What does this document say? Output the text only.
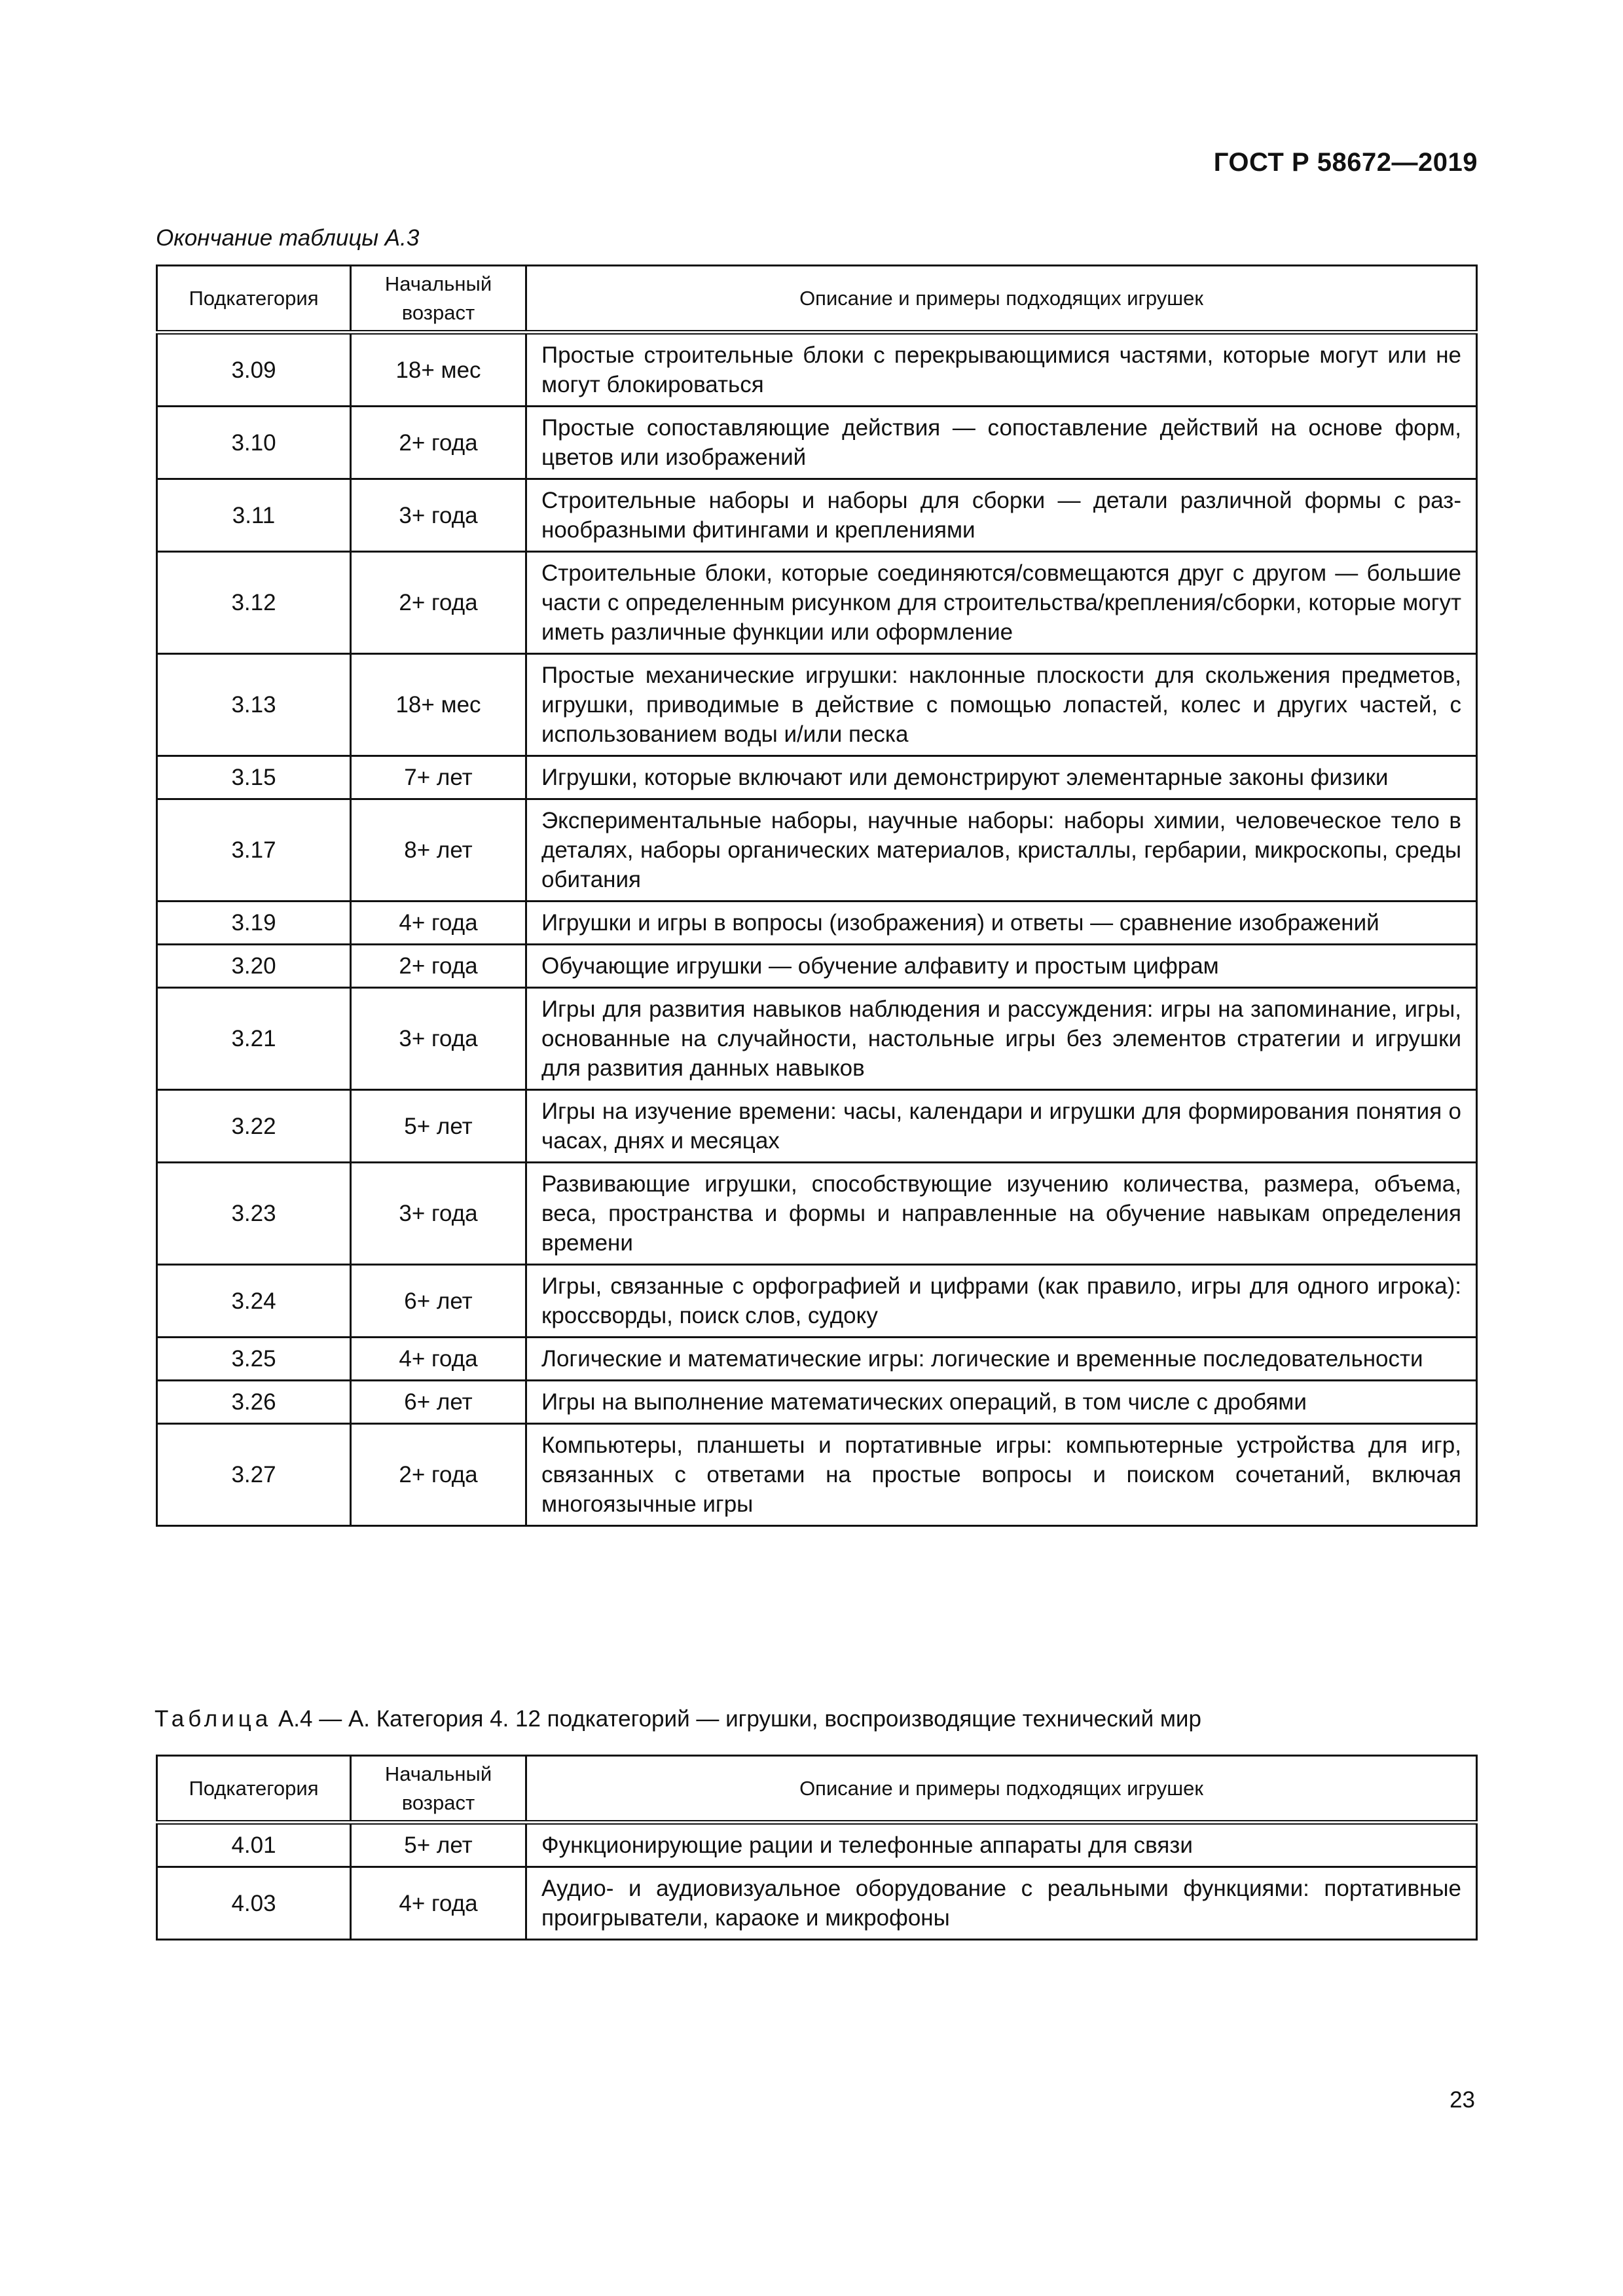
ГОСТ Р 58672—2019
Окончание таблицы А.3
Подкатегория	Начальный возраст	Описание и примеры подходящих игрушек
3.09	18+ мес	Простые строительные блоки с перекрывающимися частями, которые могут или не могут блокироваться
3.10	2+ года	Простые сопоставляющие действия — сопоставление действий на основе форм, цветов или изображений
3.11	3+ года	Строительные наборы и наборы для сборки — детали различной формы с разнообразными фитингами и креплениями
3.12	2+ года	Строительные блоки, которые соединяются/совмещаются друг с другом — большие части с определенным рисунком для строительства/крепления/сборки, которые могут иметь различные функции или оформление
3.13	18+ мес	Простые механические игрушки: наклонные плоскости для скольжения предметов, игрушки, приводимые в действие с помощью лопастей, колес и других частей, с использованием воды и/или песка
3.15	7+ лет	Игрушки, которые включают или демонстрируют элементарные законы физики
3.17	8+ лет	Экспериментальные наборы, научные наборы: наборы химии, человеческое тело в деталях, наборы органических материалов, кристаллы, гербарии, микроскопы, среды обитания
3.19	4+ года	Игрушки и игры в вопросы (изображения) и ответы — сравнение изображений
3.20	2+ года	Обучающие игрушки — обучение алфавиту и простым цифрам
3.21	3+ года	Игры для развития навыков наблюдения и рассуждения: игры на запоминание, игры, основанные на случайности, настольные игры без элементов стратегии и игрушки для развития данных навыков
3.22	5+ лет	Игры на изучение времени: часы, календари и игрушки для формирования понятия о часах, днях и месяцах
3.23	3+ года	Развивающие игрушки, способствующие изучению количества, размера, объема, веса, пространства и формы и направленные на обучение навыкам определения времени
3.24	6+ лет	Игры, связанные с орфографией и цифрами (как правило, игры для одного игрока): кроссворды, поиск слов, судоку
3.25	4+ года	Логические и математические игры: логические и временные последовательности
3.26	6+ лет	Игры на выполнение математических операций, в том числе с дробями
3.27	2+ года	Компьютеры, планшеты и портативные игры: компьютерные устройства для игр, связанных с ответами на простые вопросы и поиском сочетаний, включая многоязычные игры
Таблица А.4 — А. Категория 4. 12 подкатегорий — игрушки, воспроизводящие технический мир
Подкатегория	Начальный возраст	Описание и примеры подходящих игрушек
4.01	5+ лет	Функционирующие рации и телефонные аппараты для связи
4.03	4+ года	Аудио- и аудиовизуальное оборудование с реальными функциями: портативные проигрыватели, караоке и микрофоны
23
